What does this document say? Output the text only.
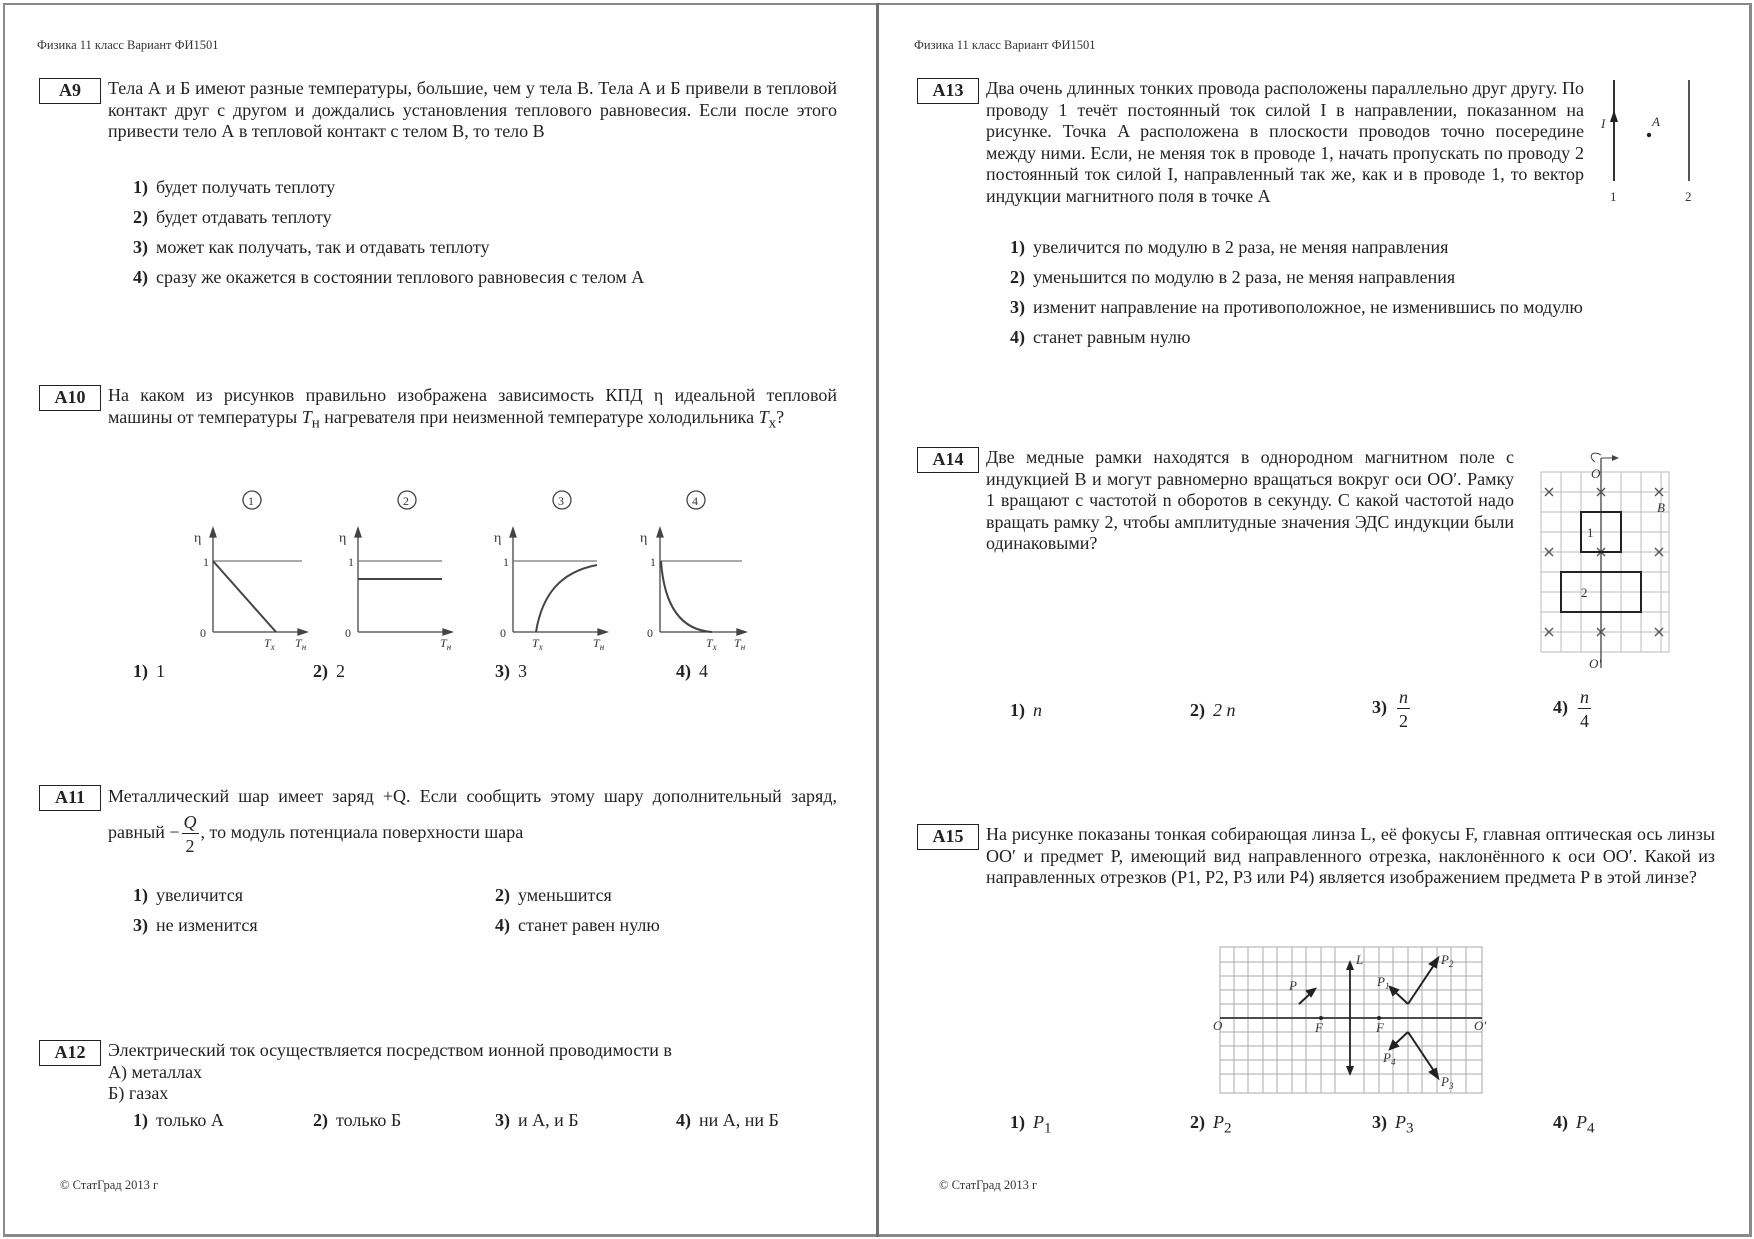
Физика 11 класс Вариант ФИ1501
A9	Тела А и Б имеют разные температуры, большие, чем у тела В. Тела А и Б привели в тепловой контакт друг с другом и дождались установления теплового равновесия. Если после этого привести тело А в тепловой контакт с телом В, то тело В
1) будет получать теплоту
2) будет отдавать теплоту
3) может как получать, так и отдавать теплоту
4) сразу же окажется в состоянии теплового равновесия с телом А
A10	На каком из рисунков правильно изображена зависимость КПД η идеальной тепловой машины от температуры $T_н$ нагревателя при неизменной температуре холодильника $T_х$?
1	2	3	4
η
1
0
$T_х$ $T_н$
η
1
0
$T_н$
η
1
0
$T_х$	$T_н$
η
1
0
$T_х$ $T_н$
1) 1	2) 2	3) 3	4) 4
A11	Металлический шар имеет заряд +Q. Если сообщить этому шару дополнительный заряд, равный − $\frac{Q}{2}$ , то модуль потенциала поверхности шара
1) увеличится	2) уменьшится
3) не изменится	4) станет равен нулю
A12	Электрический ток осуществляется посредством ионной проводимости в
А) металлах
Б) газах
1) только А	2) только Б	3) и А, и Б	4) ни А, ни Б
© СтатГрад 2013 г
Физика 11 класс Вариант ФИ1501
A13	Два очень длинных тонких провода расположены параллельно друг другу. По проводу 1 течёт постоянный ток силой I в направлении, показанном на рисунке. Точка A расположена в плоскости проводов точно посередине между ними. Если, не меняя ток в проводе 1, начать пропускать по проводу 2 постоянный ток силой I, направленный так же, как и в проводе 1, то вектор индукции магнитного поля в точке A
I	A
1	2
1) увеличится по модулю в 2 раза, не меняя направления
2) уменьшится по модулю в 2 раза, не меняя направления
3) изменит направление на противоположное, не изменившись по модулю
4) станет равным нулю
A14	Две медные рамки находятся в однородном магнитном поле с индукцией B и могут равномерно вращаться вокруг оси OO′. Рамку 1 вращают с частотой n оборотов в секунду. С какой частотой надо вращать рамку 2, чтобы амплитудные значения ЭДС индукции были одинаковыми?
O
O′
B
1
2
1) n	2) 2 n	$3) \frac{n}{2}$	$4) \frac{n}{4}$
A15	На рисунке показаны тонкая собирающая линза L, её фокусы F, главная оптическая ось линзы OO′ и предмет P, имеющий вид направленного отрезка, наклонённого к оси OO′. Какой из направленных отрезков (P1, P2, P3 или P4) является изображением предмета P в этой линзе?
L
F	F
O	O′
P	$P_1$
$P_2$
$P_3$
$P_4$
1) $P_1$	2) $P_2$	3) $P_3$	4) $P_4$
© СтатГрад 2013 г
